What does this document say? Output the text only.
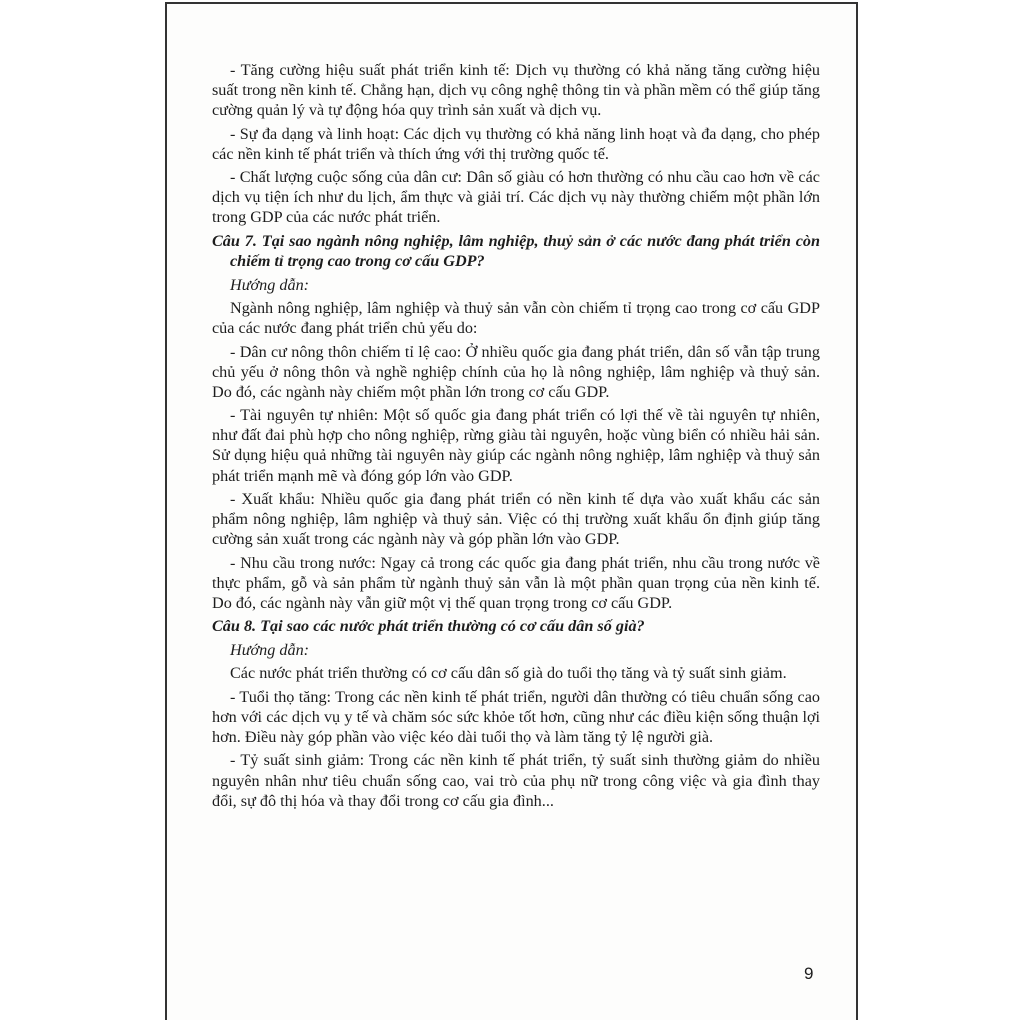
- Tăng cường hiệu suất phát triển kinh tế: Dịch vụ thường có khả năng tăng cường hiệu suất trong nền kinh tế. Chẳng hạn, dịch vụ công nghệ thông tin và phần mềm có thể giúp tăng cường quản lý và tự động hóa quy trình sản xuất và dịch vụ.

- Sự đa dạng và linh hoạt: Các dịch vụ thường có khả năng linh hoạt và đa dạng, cho phép các nền kinh tế phát triển và thích ứng với thị trường quốc tế.

- Chất lượng cuộc sống của dân cư: Dân số giàu có hơn thường có nhu cầu cao hơn về các dịch vụ tiện ích như du lịch, ẩm thực và giải trí. Các dịch vụ này thường chiếm một phần lớn trong GDP của các nước phát triển.

Câu 7. Tại sao ngành nông nghiệp, lâm nghiệp, thuỷ sản ở các nước đang phát triển còn chiếm tỉ trọng cao trong cơ cấu GDP?
Hướng dẫn:

Ngành nông nghiệp, lâm nghiệp và thuỷ sản vẫn còn chiếm tỉ trọng cao trong cơ cấu GDP của các nước đang phát triển chủ yếu do:

- Dân cư nông thôn chiếm tỉ lệ cao: Ở nhiều quốc gia đang phát triển, dân số vẫn tập trung chủ yếu ở nông thôn và nghề nghiệp chính của họ là nông nghiệp, lâm nghiệp và thuỷ sản. Do đó, các ngành này chiếm một phần lớn trong cơ cấu GDP.

- Tài nguyên tự nhiên: Một số quốc gia đang phát triển có lợi thế về tài nguyên tự nhiên, như đất đai phù hợp cho nông nghiệp, rừng giàu tài nguyên, hoặc vùng biển có nhiều hải sản. Sử dụng hiệu quả những tài nguyên này giúp các ngành nông nghiệp, lâm nghiệp và thuỷ sản phát triển mạnh mẽ và đóng góp lớn vào GDP.

- Xuất khẩu: Nhiều quốc gia đang phát triển có nền kinh tế dựa vào xuất khẩu các sản phẩm nông nghiệp, lâm nghiệp và thuỷ sản. Việc có thị trường xuất khẩu ổn định giúp tăng cường sản xuất trong các ngành này và góp phần lớn vào GDP.

- Nhu cầu trong nước: Ngay cả trong các quốc gia đang phát triển, nhu cầu trong nước về thực phẩm, gỗ và sản phẩm từ ngành thuỷ sản vẫn là một phần quan trọng của nền kinh tế. Do đó, các ngành này vẫn giữ một vị thế quan trọng trong cơ cấu GDP.

Câu 8. Tại sao các nước phát triển thường có cơ cấu dân số già?
Hướng dẫn:

Các nước phát triển thường có cơ cấu dân số già do tuổi thọ tăng và tỷ suất sinh giảm.

- Tuổi thọ tăng: Trong các nền kinh tế phát triển, người dân thường có tiêu chuẩn sống cao hơn với các dịch vụ y tế và chăm sóc sức khỏe tốt hơn, cũng như các điều kiện sống thuận lợi hơn. Điều này góp phần vào việc kéo dài tuổi thọ và làm tăng tỷ lệ người già.

- Tỷ suất sinh giảm: Trong các nền kinh tế phát triển, tỷ suất sinh thường giảm do nhiều nguyên nhân như tiêu chuẩn sống cao, vai trò của phụ nữ trong công việc và gia đình thay đổi, sự đô thị hóa và thay đổi trong cơ cấu gia đình...

9
